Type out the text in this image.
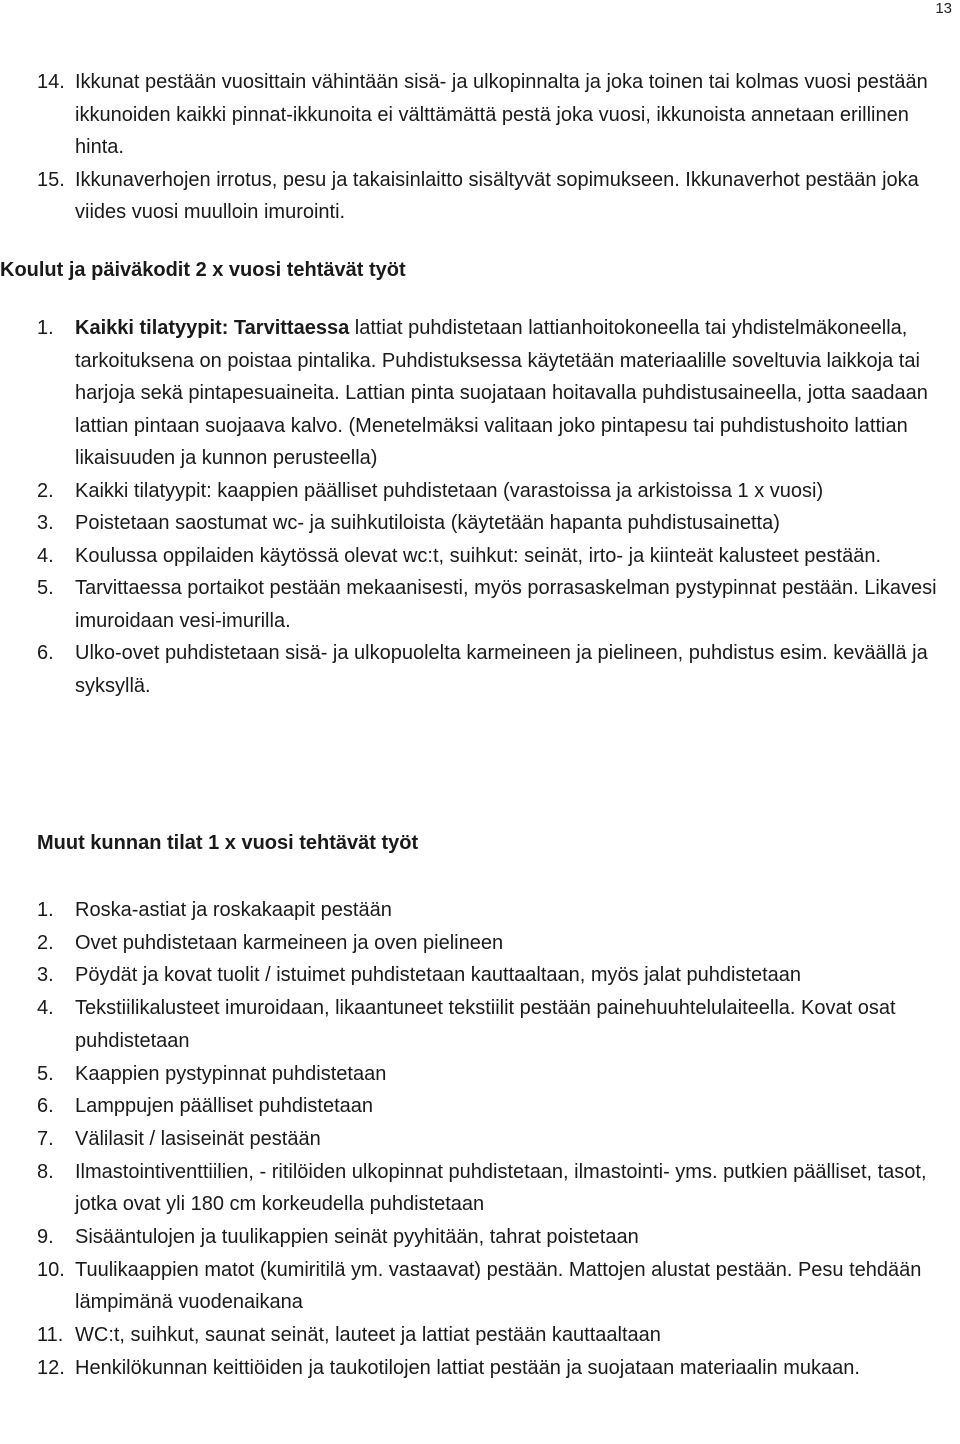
13
14. Ikkunat pestään vuosittain vähintään sisä- ja ulkopinnalta ja joka toinen tai kolmas vuosi pestään ikkunoiden kaikki pinnat-ikkunoita ei välttämättä pestä joka vuosi, ikkunoista annetaan erillinen hinta.
15. Ikkunaverhojen irrotus, pesu ja takaisinlaitto sisältyvät sopimukseen. Ikkunaverhot pestään joka viides vuosi muulloin imurointi.
Koulut ja päiväkodit 2 x vuosi tehtävät työt
1.	Kaikki tilatyypit: Tarvittaessa lattiat puhdistetaan lattianhoitokoneella tai yhdistelmäkoneella, tarkoituksena on poistaa pintalika. Puhdistuksessa käytetään materiaalille soveltuvia laikkoja tai harjoja sekä pintapesuaineita. Lattian pinta suojataan hoitavalla puhdistusaineella, jotta saadaan lattian pintaan suojaava kalvo. (Menetelmäksi valitaan joko pintapesu tai puhdistushoito lattian likaisuuden ja kunnon perusteella)
2.	Kaikki tilatyypit: kaappien päälliset puhdistetaan (varastoissa ja arkistoissa 1 x vuosi)
3.	Poistetaan saostumat wc- ja suihkutiloista (käytetään hapanta puhdistusainetta)
4.	Koulussa oppilaiden käytössä olevat wc:t, suihkut: seinät, irto- ja kiinteät kalusteet pestään.
5.	Tarvittaessa portaikot pestään mekaanisesti, myös porrasaskelman pystypinnat pestään. Likavesi imuroidaan vesi-imurilla.
6.	Ulko-ovet puhdistetaan sisä- ja ulkopuolelta karmeineen ja pielineen, puhdistus esim. keväällä ja syksyllä.
Muut kunnan tilat 1 x vuosi tehtävät työt
1.	Roska-astiat ja roskakaapit pestään
2.	Ovet puhdistetaan karmeineen ja oven pielineen
3.	Pöydät ja kovat tuolit / istuimet puhdistetaan kauttaaltaan, myös jalat puhdistetaan
4.	Tekstiilikalusteet imuroidaan, likaantuneet tekstiilit pestään painehuuhtelulaiteella. Kovat osat puhdistetaan
5.	Kaappien pystypinnat puhdistetaan
6.	Lamppujen päälliset puhdistetaan
7.	Välilasit / lasiseinät pestään
8.	Ilmastointiventtiilien, - ritilöiden ulkopinnat puhdistetaan, ilmastointi- yms. putkien päälliset, tasot, jotka ovat yli 180 cm korkeudella puhdistetaan
9.	Sisääntulojen ja tuulikappien seinät pyyhitään, tahrat poistetaan
10. Tuulikaappien matot (kumiritilä ym. vastaavat) pestään. Mattojen alustat pestään. Pesu tehdään lämpimänä vuodenaikana
11. WC:t, suihkut, saunat seinät, lauteet ja lattiat pestään kauttaaltaan
12. Henkilökunnan keittiöiden ja taukotilojen lattiat pestään ja suojataan materiaalin mukaan.
